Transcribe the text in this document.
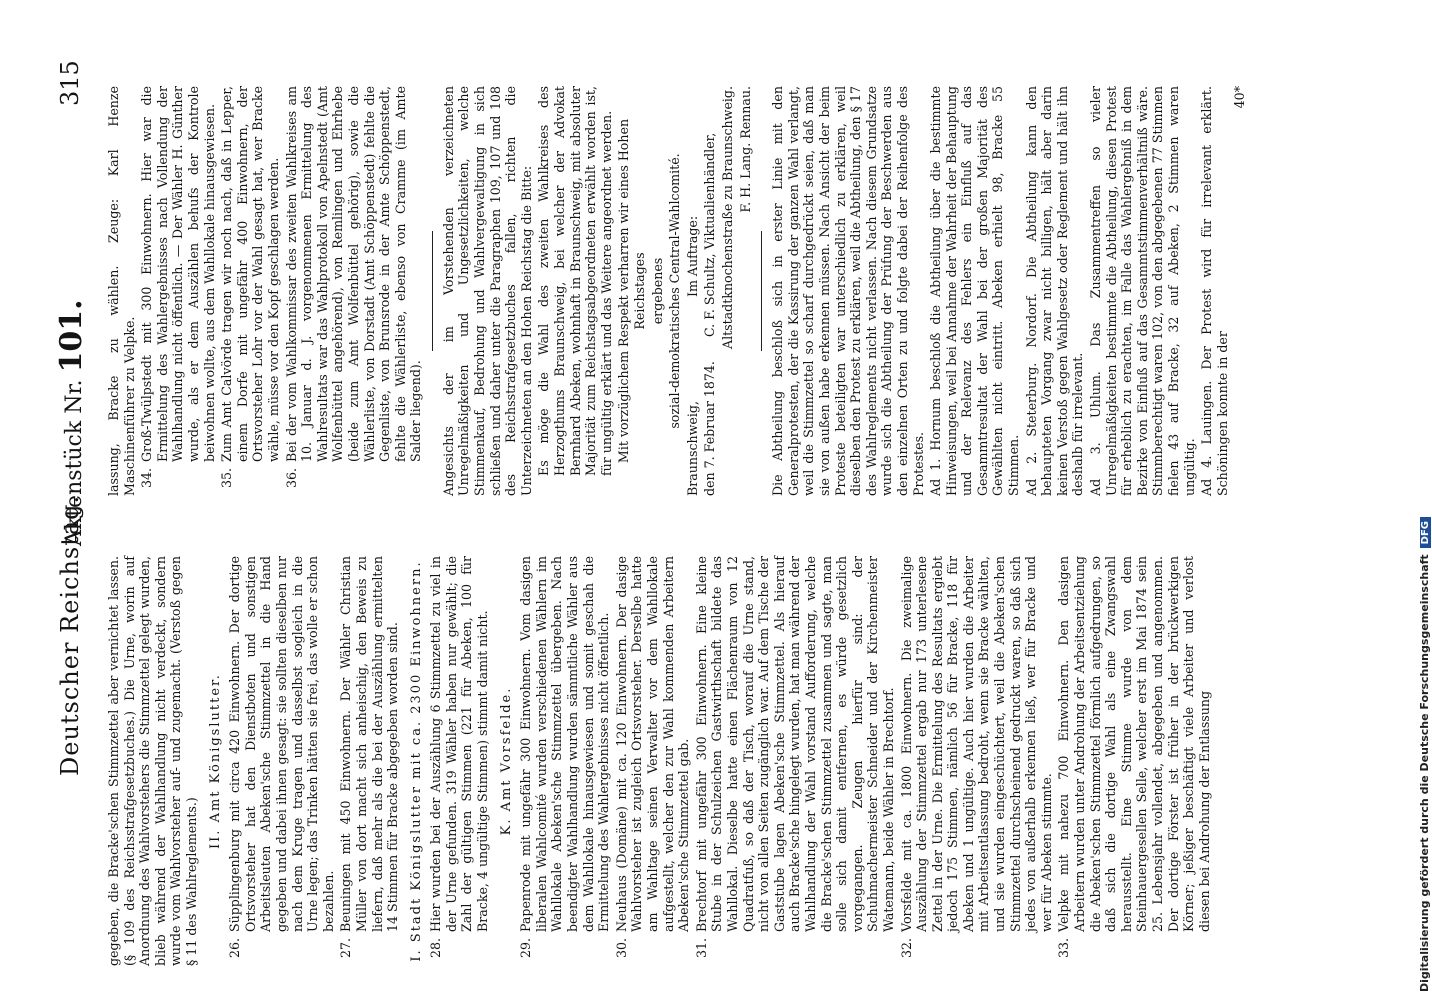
Deutscher Reichstag.
Aktenstück Nr. 101.
315

gegeben, die Bracke'schen Stimmzettel aber vernichtet lassen. (§ 109 des Reichsstrafgesetzbuches.) Die Urne, worin auf Anordnung des Wahlvorstehers die Stimmzettel gelegt wurden, blieb während der Wahlhandlung nicht verdeckt, sondern wurde vom Wahlvorsteher auf- und zugemacht. (Verstoß gegen § 11 des Wahlreglements.)

II. Amt Königslutter.
26.
Süpplingenburg mit circa 420 Einwohnern. Der dortige Ortsvorsteher hat den Dienstboten und sonstigen Arbeitsleuten Abeken'sche Stimmzettel in die Hand gegeben und dabei ihnen gesagt: sie sollten dieselben nur nach dem Kruge tragen und dasselbst sogleich in die Urne legen; das Trinken hätten sie frei, das wolle er schon bezahlen.
27.
Beuningen mit 450 Einwohnern. Der Wähler Christian Müller von dort macht sich anheischig, den Beweis zu liefern, daß mehr als die bei der Auszählung ermittelten 14 Stimmen für Bracke abgegeben worden sind. I. Stadt Königslutter mit ca. 2300 Einwohnern. 28.
Hier wurden bei der Auszählung 6 Stimmzettel zu viel in der Urne gefunden. 319 Wähler haben nur gewählt; die Zahl der gültigen Stimmen (221 für Abeken, 100 für Bracke, 4 ungültige Stimmen) stimmt damit nicht. K. Amt Vorsfelde.
29.
Papenrode mit ungefähr 300 Einwohnern. Vom dasigen liberalen Wahlcomité wurden verschiedenen Wählern im Wahllokale Abeken'sche Stimmzettel übergeben. Nach beendigter Wahlhandlung wurden sämmtliche Wähler aus dem Wahllokale hinausgewiesen und somit geschah die Ermittelung des Wahlergebnisses nicht öffentlich.
30.
Neuhaus (Domäne) mit ca. 120 Einwohnern. Der dasige Wahlvorsteher ist zugleich Ortsvorsteher. Derselbe hatte am Wahltage seinen Verwalter vor dem Wahllokale aufgestellt, welcher den zur Wahl kommenden Arbeitern Abeken'sche Stimmzettel gab.
31.
Brechtorf mit ungefähr 300 Einwohnern. Eine kleine Stube in der Schulzeichen Gastwirthschaft bildete das Wahllokal. Dieselbe hatte einen Flächenraum von 12 Quadratfuß, so daß der Tisch, worauf die Urne stand, nicht von allen Seiten zugänglich war. Auf dem Tische der Gaststube lagen Abeken'sche Stimmzettel. Als hierauf auch Bracke'sche hingelegt wurden, hat man während der Wahlhandlung der Wahl vorstand Aufforderung, welche die Bracke'schen Stimmzettel zusammen und sagte, man solle sich damit entfernen, es würde gesetzlich vorgegangen. Zeugen hierfür sind: der Schuhmachermeister Schneider und der Kirchenmeister Watemann, beide Wähler in Brechtorf.
32.
Vorsfelde mit ca. 1800 Einwohnern. Die zweimalige Auszählung der Stimmzettel ergab nur 173 unterlesene Zettel in der Urne. Die Ermittelung des Resultats ergiebt jedoch 175 Stimmen, nämlich 56 für Bracke, 118 für Abeken und 1 ungültige. Auch hier wurden die Arbeiter mit Arbeitsentlassung bedroht, wenn sie Bracke wählten, und sie wurden eingeschüchtert, weil die Abeken'schen Stimmzettel durchscheinend gedruckt waren, so daß sich jedes von außerhalb erkennen ließ, wer für Bracke und wer für Abeken stimmte.
33.
Velpke mit nahezu 700 Einwohnern. Den dasigen Arbeitern wurden unter Androhung der Arbeitsentziehung die Abeken'schen Stimmzettel förmlich aufgedrungen, so daß sich die dortige Wahl als eine Zwangswahl herausstellt. Eine Stimme wurde von dem Steinhauergesellen Selle, welcher erst im Mai 1874 sein 25. Lebensjahr vollendet, abgegeben und angenommen. Der dortige Förster ist früher in der brückwerkigen Körner; jeßiger beschäftigt viele Arbeiter und verlost diesen bei Androhung der Entlassung

lassung, Bracke zu wählen. Zeuge: Karl Henze Maschinenführer zu Velpke. 34.
Groß-Twülpstedt mit 300 Einwohnern. Hier war die Ermittelung des Wahlergebnisses nach Vollendung der Wahlhandlung nicht öffentlich. — Der Wähler H. Günther wurde, als er dem Auszählen behufs der Kontrole beiwohnen wollte, aus dem Wahllokale hinausgewiesen.
35.
Zum Amt Calvörde tragen wir noch nach, daß in Lepper, einem Dorfe mit ungefähr 400 Einwohnern, der Ortsvorsteher Lohr vor der Wahl gesagt hat, wer Bracke wähle, müsse vor den Kopf geschlagen werden.
36.
Bei der vom Wahlkommissar des zweiten Wahlkreises am 10. Januar d. J. vorgenommenen Ermittelung des Wahlresultats war das Wahlprotokoll von Apelnstedt (Amt Wolfenbüttel angehörend), von Remlingen und Ehrhebe (beide zum Amt Wolfenbüttel gehörig), sowie die Wählerliste, von Dorstadt (Amt Schöppenstedt) fehlte die Gegenliste, von Brunsrode in der Amte Schöppenstedt, fehlte die Wählerliste, ebenso von Cramme (im Amte Salder liegend). Angesichts der im Vorstehenden verzeichneten Unregelmäßigkeiten und Ungesetzlichkeiten, welche Stimmenkauf, Bedrohung und Wahlvergewaltigung in sich schließen und daher unter die Paragraphen 109, 107 und 108 des Reichsstrafgesetzbuches fallen, richten die Unterzeichneten an den Hohen Reichstag die Bitte: Es möge die Wahl des zweiten Wahlkreises des Herzogthums Braunschweig, bei welcher der Advokat Bernhard Abeken, wohnhaft in Braunschweig, mit absoluter Majorität zum Reichstagsabgeordneten erwählt worden ist, für ungültig erklärt und das Weitere angeordnet werden. Mit vorzüglichem Respekt verharren wir eines Hohen Reichstages ergebenes sozial-demokratisches Central-Wahlcomité.

Braunschweig, Im Auftrage:

den 7. Februar 1874. C. F. Schultz, Viktualienhändler, Altstadtknochenstraße zu Braunschweig. F. H. Lang. Rennau. Die Abtheilung beschloß sich in erster Linie mit den Generalprotesten, der die Kassirung der ganzen Wahl verlangt, weil die Stimmzettel so scharf durchgedrückt seien, daß man sie von außen habe erkennen müssen. Nach Ansicht der beim Proteste beteiligten war unterschiedlich zu erklären, weil dieselben den Protest zu erklären, weil die Abtheilung, den § 17 des Wahlreglements nicht verlassen. Nach diesem Grundsatze wurde sich die Abtheilung der Prüfung der Beschwerden aus den einzelnen Orten zu und folgte dabei der Reihenfolge des Protestes. Ad 1. Hornum beschloß die Abtheilung über die bestimmte Hinweisungen, weil bei Annahme der Wahrheit der Behauptung und der Relevanz des Fehlers ein Einfluß auf das Gesammtresultat der Wahl bei der großen Majorität des Gewählten nicht eintritt. Abeken erhielt 98, Bracke 55 Stimmen. Ad 2. Steterburg. Nordorf. Die Abtheilung kann den behaupteten Vorgang zwar nicht billigen, hält aber darin keinen Verstoß gegen Wahlgesetz oder Reglement und hält ihn deshalb für irrelevant. Ad 3. Uhlum. Das Zusammentreffen so vieler Unregelmäßigkeiten bestimmte die Abtheilung, diesen Protest für erheblich zu erachten, im Falle das Wahlergebniß in dem Bezirke von Einfluß auf das Gesammtstimmenverhältniß wäre. Stimmberechtigt waren 102, von den abgegebenen 77 Stimmen fielen 43 auf Bracke, 32 auf Abeken, 2 Stimmen waren ungültig. Ad 4. Lauingen. Der Protest wird für irrelevant erklärt. Schöningen konnte in der

40*

Digitalisierung gefördert durch die Deutsche ForschungsgemeinschaftDFG
